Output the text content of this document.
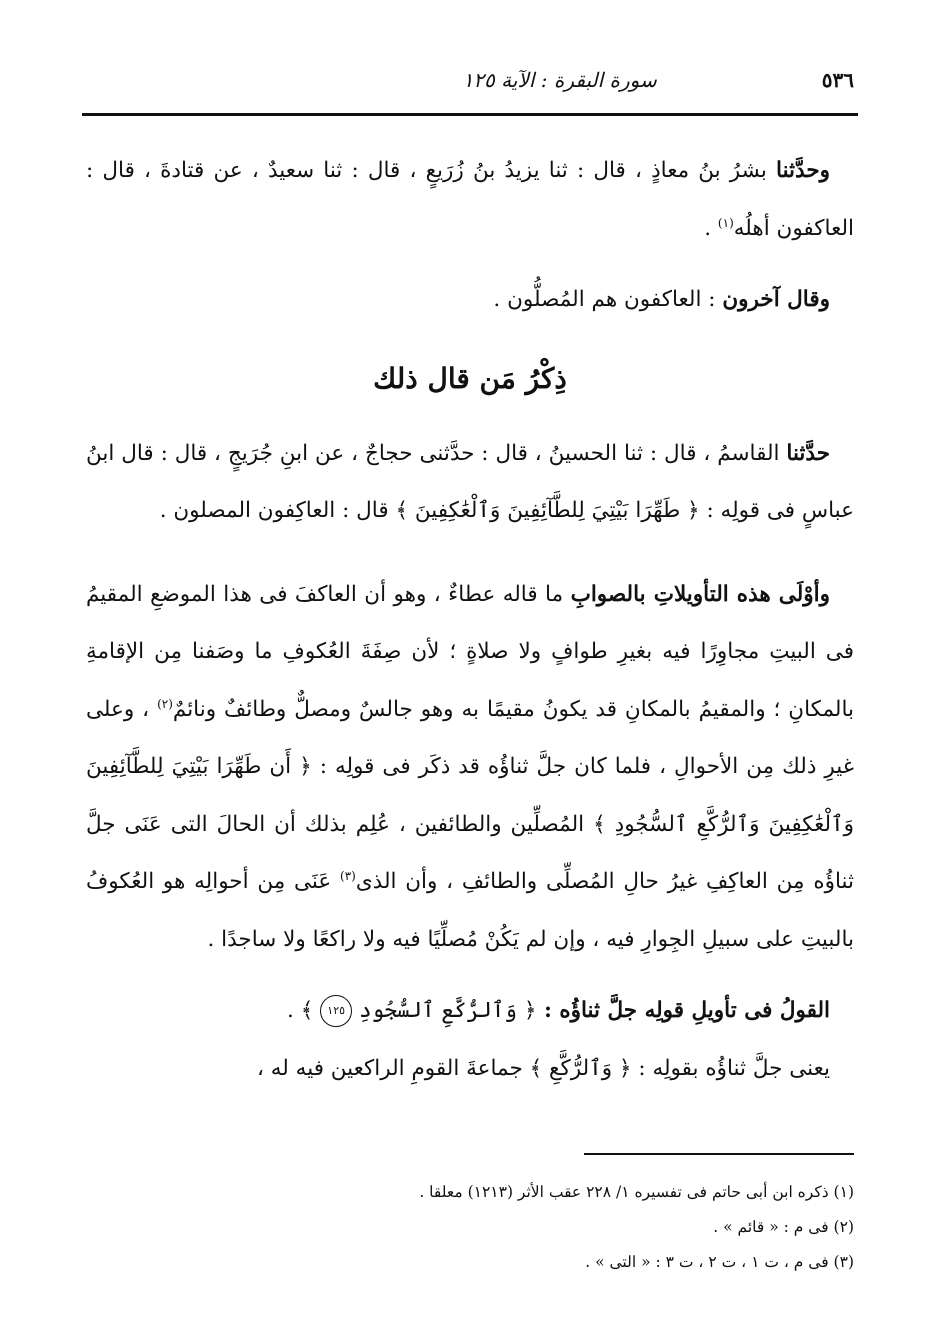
٥٣٦
سورة البقرة : الآية ١٢٥

وحدَّثنا بشرُ بنُ معاذٍ ، قال : ثنا يزيدُ بنُ زُرَيعٍ ، قال : ثنا سعيدٌ ، عن قتادةَ ، قال : العاكفون أهلُه$^{(١)}$ .

وقال آخرون : العاكفون هم المُصلُّون .

ذِكْرُ مَن قال ذلك

حدَّثنا القاسمُ ، قال : ثنا الحسينُ ، قال : حدَّثنى حجاجٌ ، عن ابنِ جُرَيجٍ ، قال : قال ابنُ عباسٍ فى قولِه : ﴿ طَهِّرَا بَيْتِيَ لِلطَّآئِفِينَ وَٱلْعَٰكِفِينَ ﴾ قال : العاكِفون المصلون .

وأوْلَى هذه التأويلاتِ بالصوابِ ما قاله عطاءٌ ، وهو أن العاكفَ فى هذا الموضعِ المقيمُ فى البيتِ مجاوِرًا فيه بغيرِ طوافٍ ولا صلاةٍ ؛ لأن صِفَةَ العُكوفِ ما وصَفنا مِن الإقامةِ بالمكانِ ؛ والمقيمُ بالمكانِ قد يكونُ مقيمًا به وهو جالسٌ ومصلٌّ وطائفٌ ونائمٌ$^{(٢)}$ ، وعلى غيرِ ذلك مِن الأحوالِ ، فلما كان جلَّ ثناؤُه قد ذكَر فى قولِه : ﴿ أَن طَهِّرَا بَيْتِيَ لِلطَّآئِفِينَ وَٱلْعَٰكِفِينَ وَٱلرُّكَّعِ ٱلسُّجُودِ ﴾ المُصلِّين والطائفين ، عُلِم بذلك أن الحالَ التى عَنَى جلَّ ثناؤُه مِن العاكِفِ غيرُ حالِ المُصلِّى والطائفِ ، وأن الذى$^{(٣)}$ عَنَى مِن أحوالِه هو العُكوفُ بالبيتِ على سبيلِ الجِوارِ فيه ، وإن لم يَكُنْ مُصلِّيًا فيه ولا راكعًا ولا ساجدًا .

القولُ فى تأويلِ قولِه جلَّ ثناؤُه : ﴿ وَٱلرُّكَّعِ ٱلسُّجُودِ ١٢٥ ﴾ .

يعنى جلَّ ثناؤُه بقولِه : ﴿ وَٱلرُّكَّعِ ﴾ جماعةَ القومِ الراكعين فيه له ،

(١) ذكره ابن أبى حاتم فى تفسيره ١/ ٢٢٨ عقب الأثر (١٢١٣) معلقا .
(٢) فى م : « قائم » .
(٣) فى م ، ت ١ ، ت ٢ ، ت ٣ : « التى » .
